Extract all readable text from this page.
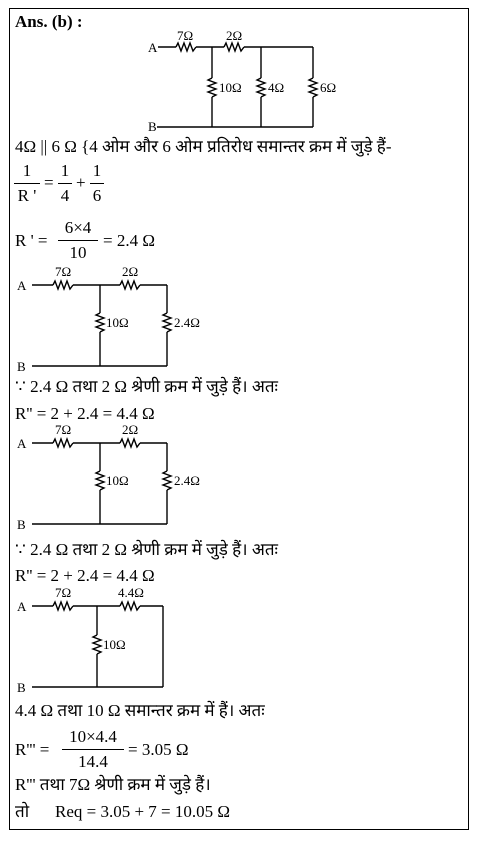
Ans. (b) :
A
B
7Ω	2Ω
10Ω 4Ω	6Ω
4Ω || 6 Ω {4 ओम और 6 ओम प्रतिरोध समान्तर क्रम में जुड़े हैं-
1
R '
=
1
4
+
1
6
R ' =
6×4
10
= 2.4 Ω
A
B
7Ω	2Ω
10Ω	2.4Ω
∵ 2.4 Ω तथा 2 Ω श्रेणी क्रम में जुड़े हैं। अतः
R'' = 2 + 2.4 = 4.4 Ω
A
B
7Ω	2Ω
10Ω	2.4Ω
∵ 2.4 Ω तथा 2 Ω श्रेणी क्रम में जुड़े हैं। अतः
R'' = 2 + 2.4 = 4.4 Ω
A
B
7Ω	4.4Ω
10Ω
4.4 Ω तथा 10 Ω समान्तर क्रम में हैं। अतः
R''' =
10×4.4
14.4
= 3.05 Ω
R''' तथा 7Ω श्रेणी क्रम में जुड़े हैं।
तो Req = 3.05 + 7 = 10.05 Ω
